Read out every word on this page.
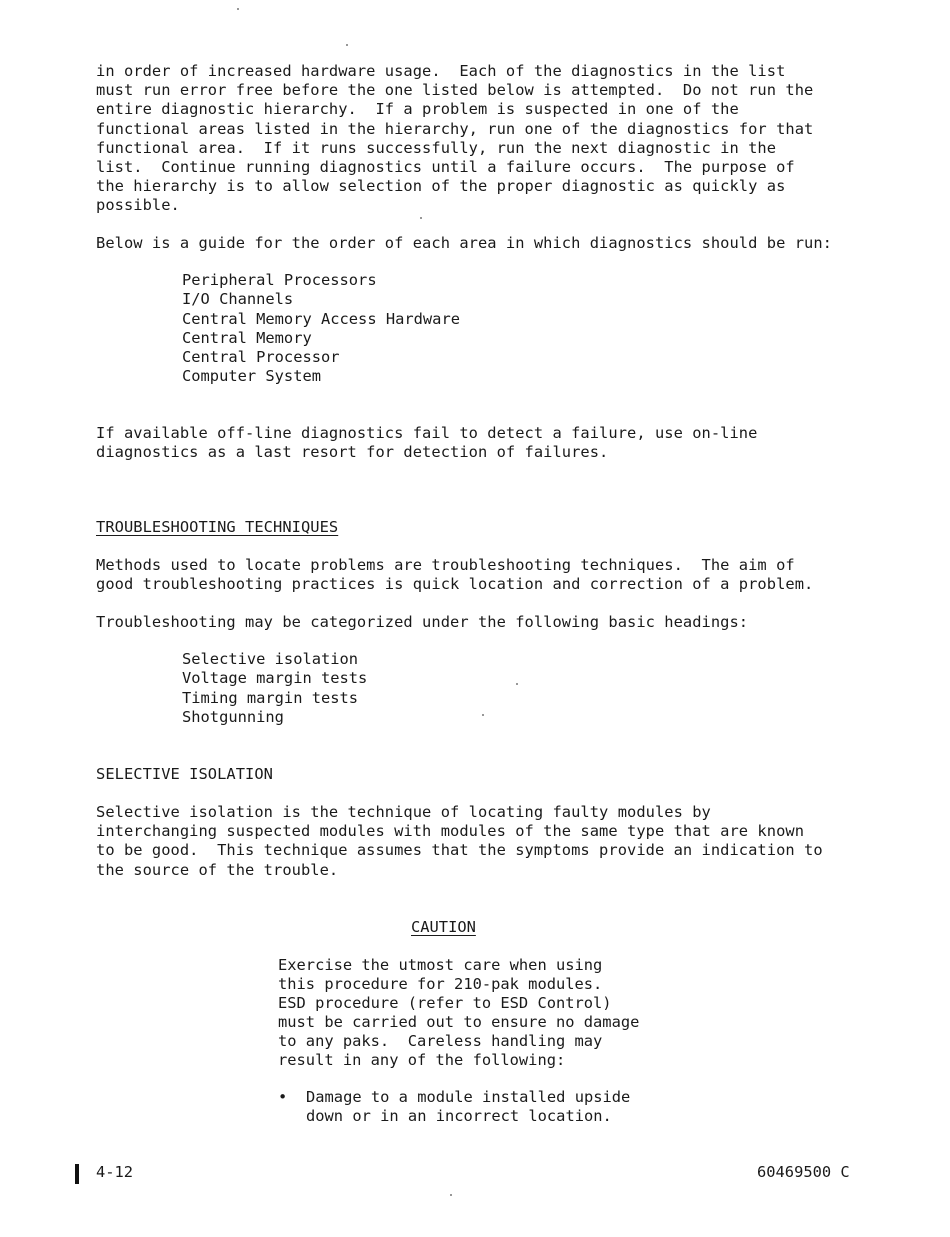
in order of increased hardware usage.  Each of the diagnostics in the list
must run error free before the one listed below is attempted.  Do not run the
entire diagnostic hierarchy.  If a problem is suspected in one of the
functional areas listed in the hierarchy, run one of the diagnostics for that
functional area.  If it runs successfully, run the next diagnostic in the
list.  Continue running diagnostics until a failure occurs.  The purpose of
the hierarchy is to allow selection of the proper diagnostic as quickly as
possible.

Below is a guide for the order of each area in which diagnostics should be run:

Peripheral Processors
I/O Channels
Central Memory Access Hardware
Central Memory
Central Processor
Computer System

If available off-line diagnostics fail to detect a failure, use on-line
diagnostics as a last resort for detection of failures.

TROUBLESHOOTING TECHNIQUES

Methods used to locate problems are troubleshooting techniques.  The aim of
good troubleshooting practices is quick location and correction of a problem.

Troubleshooting may be categorized under the following basic headings:

Selective isolation
Voltage margin tests
Timing margin tests
Shotgunning

SELECTIVE ISOLATION

Selective isolation is the technique of locating faulty modules by
interchanging suspected modules with modules of the same type that are known
to be good.  This technique assumes that the symptoms provide an indication to
the source of the trouble.

CAUTION

Exercise the utmost care when using
this procedure for 210-pak modules.
ESD procedure (refer to ESD Control)
must be carried out to ensure no damage
to any paks.  Careless handling may
result in any of the following:

• Damage to a module installed upside
down or in an incorrect location.

4-12	60469500 C
